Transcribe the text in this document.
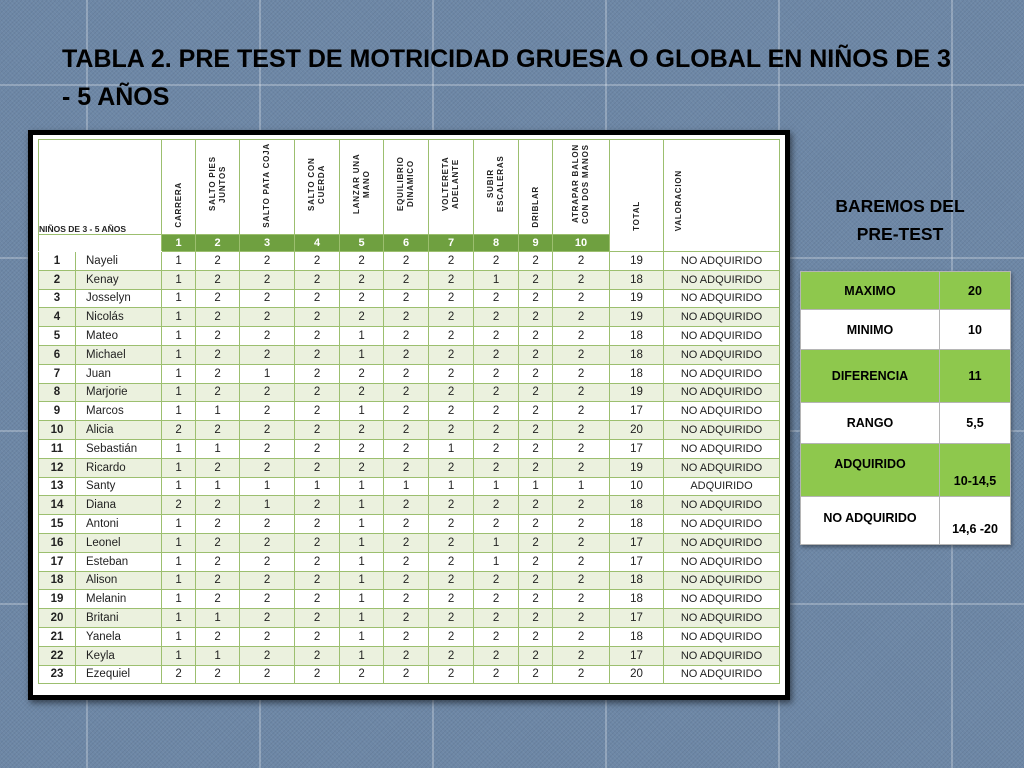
TABLA 2. PRE TEST DE MOTRICIDAD GRUESA O GLOBAL EN NIÑOS DE 3 - 5 AÑOS
NIÑOS DE 3 - 5 AÑOS		CARRERA	SALTO PIES JUNTOS	SALTO PATA COJA	SALTO CON CUERDA	LANZAR UNA MANO	EQUILIBRIO DINAMICO	VOLTERETA ADELANTE	SUBIR ESCALERAS	DRIBLAR	ATRAPAR BALON CON DOS MANOS	TOTAL	VALORACION

		1	2	3	4	5	6	7	8	9	10		
1	Nayeli	1	2	2	2	2	2	2	2	2	2	19	NO ADQUIRIDO
2	Kenay	1	2	2	2	2	2	2	1	2	2	18	NO ADQUIRIDO
3	Josselyn	1	2	2	2	2	2	2	2	2	2	19	NO ADQUIRIDO
4	Nicolás	1	2	2	2	2	2	2	2	2	2	19	NO ADQUIRIDO
5	Mateo	1	2	2	2	1	2	2	2	2	2	18	NO ADQUIRIDO
6	Michael	1	2	2	2	1	2	2	2	2	2	18	NO ADQUIRIDO
7	Juan	1	2	1	2	2	2	2	2	2	2	18	NO ADQUIRIDO
8	Marjorie	1	2	2	2	2	2	2	2	2	2	19	NO ADQUIRIDO
9	Marcos	1	1	2	2	1	2	2	2	2	2	17	NO ADQUIRIDO
10	Alicia	2	2	2	2	2	2	2	2	2	2	20	NO ADQUIRIDO
11	Sebastián	1	1	2	2	2	2	1	2	2	2	17	NO ADQUIRIDO
12	Ricardo	1	2	2	2	2	2	2	2	2	2	19	NO ADQUIRIDO
13	Santy	1	1	1	1	1	1	1	1	1	1	10	ADQUIRIDO
14	Diana	2	2	1	2	1	2	2	2	2	2	18	NO ADQUIRIDO
15	Antoni	1	2	2	2	1	2	2	2	2	2	18	NO ADQUIRIDO
16	Leonel	1	2	2	2	1	2	2	1	2	2	17	NO ADQUIRIDO
17	Esteban	1	2	2	2	1	2	2	1	2	2	17	NO ADQUIRIDO
18	Alison	1	2	2	2	1	2	2	2	2	2	18	NO ADQUIRIDO
19	Melanin	1	2	2	2	1	2	2	2	2	2	18	NO ADQUIRIDO
20	Britani	1	1	2	2	1	2	2	2	2	2	17	NO ADQUIRIDO
21	Yanela	1	2	2	2	1	2	2	2	2	2	18	NO ADQUIRIDO
22	Keyla	1	1	2	2	1	2	2	2	2	2	17	NO ADQUIRIDO
23	Ezequiel	2	2	2	2	2	2	2	2	2	2	20	NO ADQUIRIDO
BAREMOS DEL PRE-TEST
MAXIMO	20
MINIMO	10
DIFERENCIA	11
RANGO	5,5
ADQUIRIDO	10-14,5
NO ADQUIRIDO	14,6 -20
